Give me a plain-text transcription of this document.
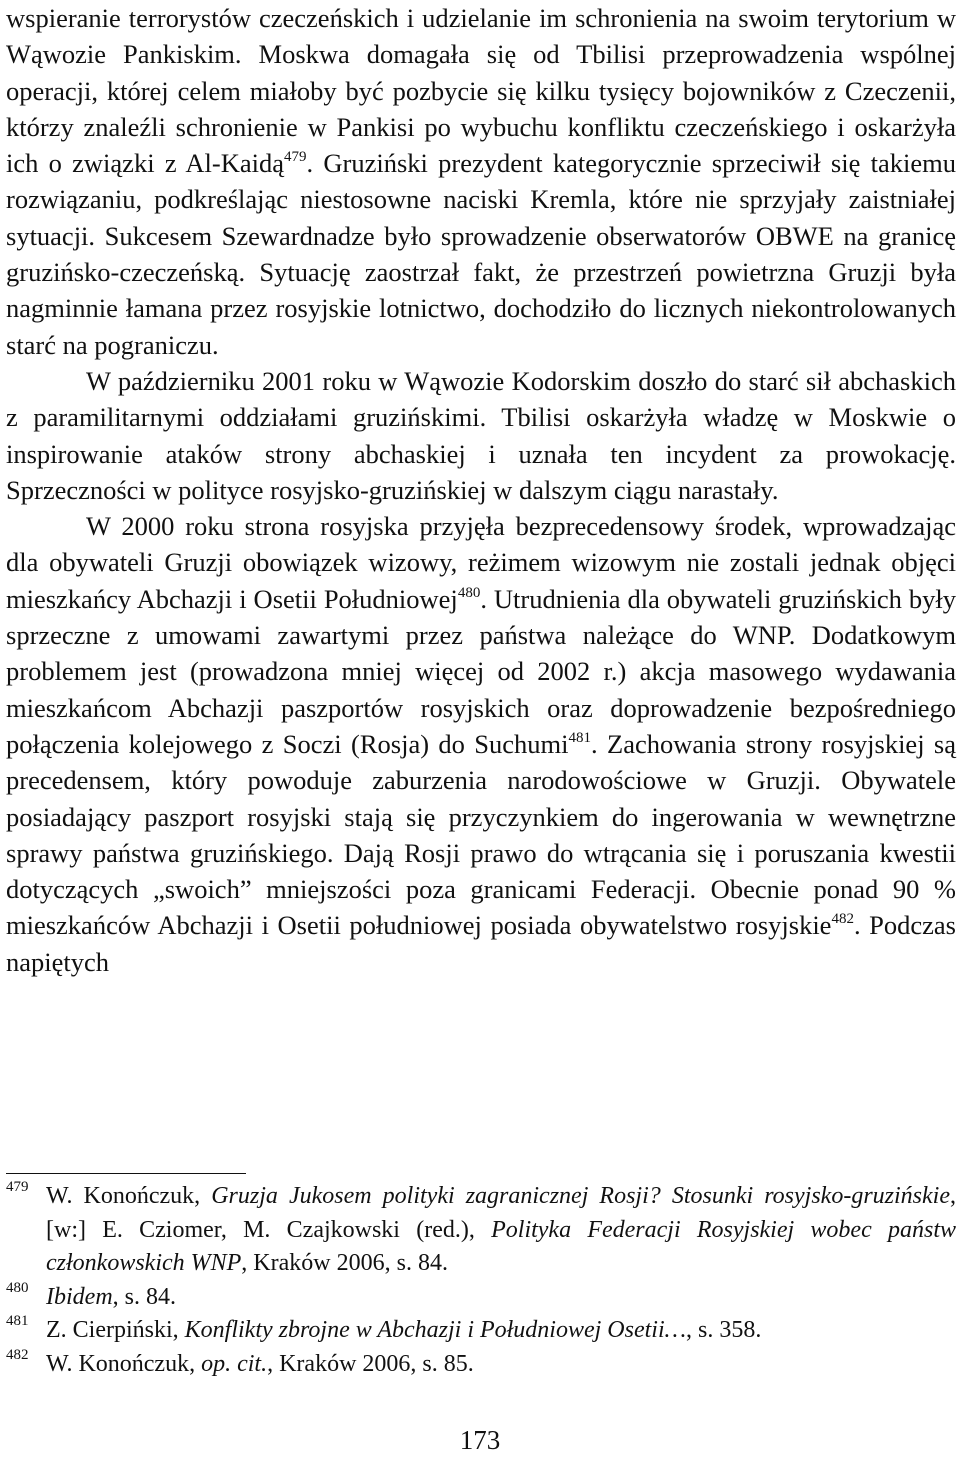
wspieranie terrorystów czeczeńskich i udzielanie im schronienia na swoim terytorium w Wąwozie Pankiskim. Moskwa domagała się od Tbilisi przeprowadzenia wspólnej operacji, której celem miałoby być pozbycie się kilku tysięcy bojowników z Czeczenii, którzy znaleźli schronienie w Pankisi po wybuchu konfliktu czeczeńskiego i oskarżyła ich o związki z Al-Kaidą$^{479}$. Gruziński prezydent kategorycznie sprzeciwił się takiemu rozwiązaniu, podkreślając niestosowne naciski Kremla, które nie sprzyjały zaistniałej sytuacji. Sukcesem Szewardnadze było sprowadzenie obserwatorów OBWE na granicę gruzińsko-czeczeńską. Sytuację zaostrzał fakt, że przestrzeń powietrzna Gruzji była nagminnie łamana przez rosyjskie lotnictwo, dochodziło do licznych niekontrolowanych starć na pograniczu.

W październiku 2001 roku w Wąwozie Kodorskim doszło do starć sił abchaskich z paramilitarnymi oddziałami gruzińskimi. Tbilisi oskarżyła władzę w Moskwie o inspirowanie ataków strony abchaskiej i uznała ten incydent za prowokację. Sprzeczności w polityce rosyjsko-gruzińskiej w dalszym ciągu narastały.

W 2000 roku strona rosyjska przyjęła bezprecedensowy środek, wprowadzając dla obywateli Gruzji obowiązek wizowy, reżimem wizowym nie zostali jednak objęci mieszkańcy Abchazji i Osetii Południowej$^{480}$. Utrudnienia dla obywateli gruzińskich były sprzeczne z umowami zawartymi przez państwa należące do WNP. Dodatkowym problemem jest (prowadzona mniej więcej od 2002 r.) akcja masowego wydawania mieszkańcom Abchazji paszportów rosyjskich oraz doprowadzenie bezpośredniego połączenia kolejowego z Soczi (Rosja) do Suchumi$^{481}$. Zachowania strony rosyjskiej są precedensem, który powoduje zaburzenia narodowościowe w Gruzji. Obywatele posiadający paszport rosyjski stają się przyczynkiem do ingerowania w wewnętrzne sprawy państwa gruzińskiego. Dają Rosji prawo do wtrącania się i poruszania kwestii dotyczących „swoich” mniejszości poza granicami Federacji. Obecnie ponad 90 % mieszkańców Abchazji i Osetii południowej posiada obywatelstwo rosyjskie$^{482}$. Podczas napiętych

479 W. Konończuk, Gruzja Jukosem polityki zagranicznej Rosji? Stosunki rosyjsko-gruzińskie, [w:] E. Cziomer, M. Czajkowski (red.), Polityka Federacji Rosyjskiej wobec państw członkowskich WNP, Kraków 2006, s. 84.
480 Ibidem, s. 84.
481 Z. Cierpiński, Konflikty zbrojne w Abchazji i Południowej Osetii…, s. 358.
482 W. Konończuk, op. cit., Kraków 2006, s. 85.
173
